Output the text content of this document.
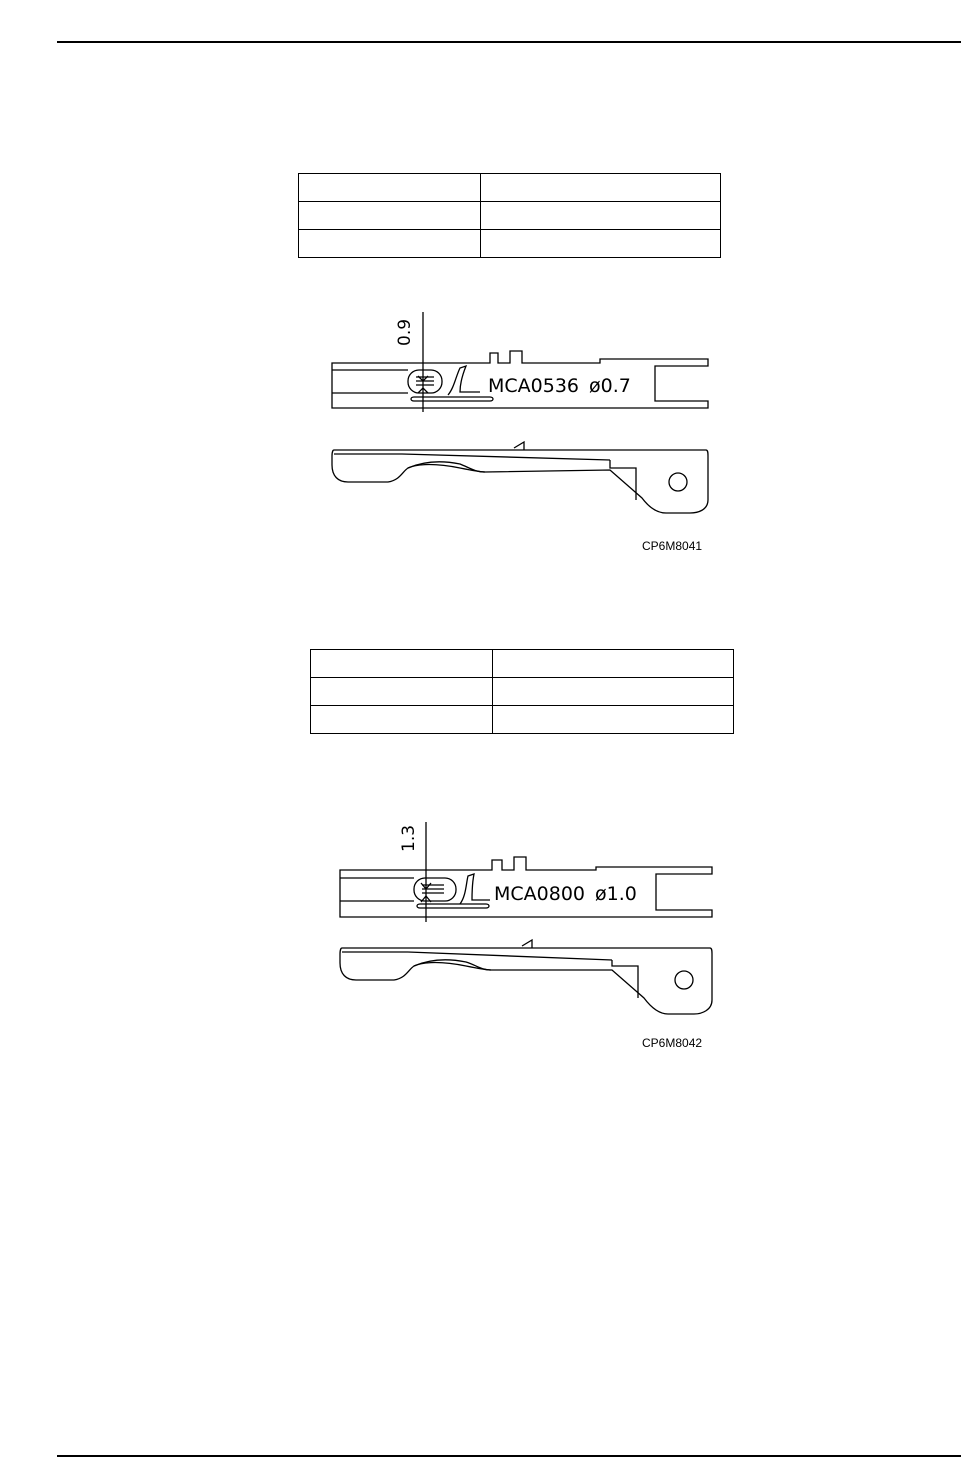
0.9
MCA0536 ø0.7
CP6M8041

1.3
MCA0800 ø1.0
CP6M8042
